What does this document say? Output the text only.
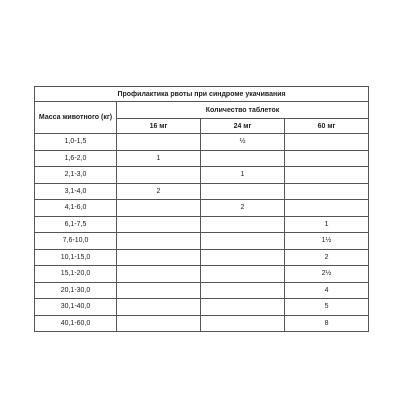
Профилактика рвоты при синдроме укачивания			
Масса животного (кг)	Количество таблеток		
	16 мг	24 мг	60 мг
1,0-1,5		½	
1,6-2,0	1		
2,1-3,0		1	
3,1-4,0	2		
4,1-6,0		2	
6,1-7,5			1
7,6-10,0			1½
10,1-15,0			2
15,1-20,0			2½
20,1-30,0			4
30,1-40,0			5
40,1-60,0			8
